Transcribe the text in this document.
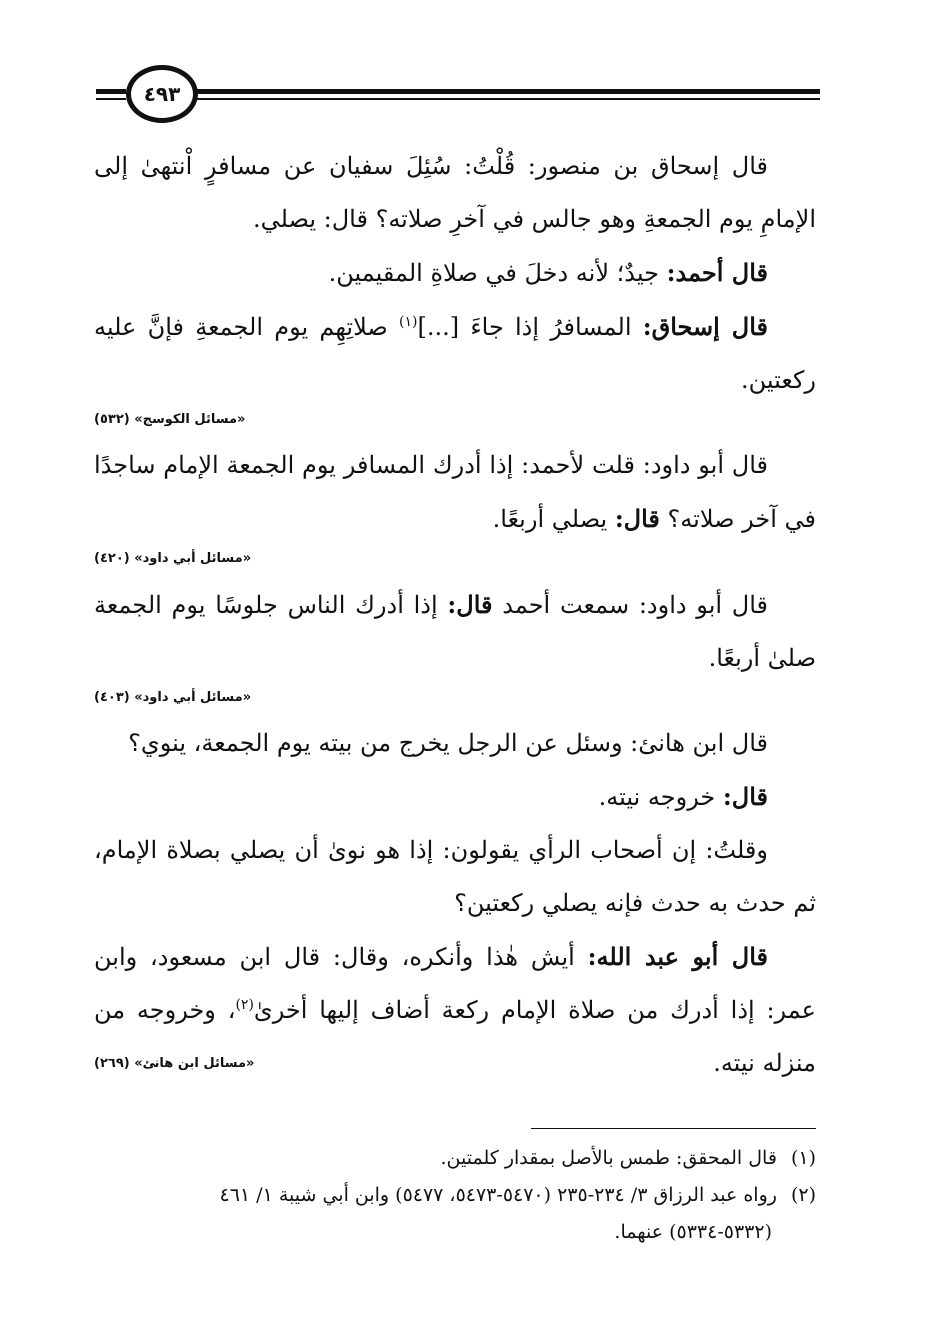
٤٩٣

قال إسحاق بن منصور: قُلْتُ: سُئِلَ سفيان عن مسافرٍ اْنتهىٰ إلى الإمامِ يوم الجمعةِ وهو جالس في آخرِ صلاته؟ قال: يصلي.

قال أحمد: جيدٌ؛ لأنه دخلَ في صلاةِ المقيمين.

قال إسحاق: المسافرُ إذا جاءَ [...]$^{(١)}$ صلاتِهِم يوم الجمعةِ فإنَّ عليه ركعتين.

«مسائل الكوسج» (٥٣٢)

قال أبو داود: قلت لأحمد: إذا أدرك المسافر يوم الجمعة الإمام ساجدًا في آخر صلاته؟ قال: يصلي أربعًا.

«مسائل أبي داود» (٤٢٠)

قال أبو داود: سمعت أحمد قال: إذا أدرك الناس جلوسًا يوم الجمعة صلىٰ أربعًا.

«مسائل أبي داود» (٤٠٣)

قال ابن هانئ: وسئل عن الرجل يخرج من بيته يوم الجمعة، ينوي؟

قال: خروجه نيته.

وقلتُ: إن أصحاب الرأي يقولون: إذا هو نوىٰ أن يصلي بصلاة الإمام، ثم حدث به حدث فإنه يصلي ركعتين؟

قال أبو عبد الله: أيش هٰذا وأنكره، وقال: قال ابن مسعود، وابن عمر: إذا أدرك من صلاة الإمام ركعة أضاف إليها أخرىٰ$^{(٢)}$، وخروجه من منزله نيته.
«مسائل ابن هانئ» (٢٦٩)

(١)قال المحقق: طمس بالأصل بمقدار كلمتين.

(٢)رواه عبد الرزاق ٣/ ٢٣٤-٢٣٥ (٥٤٧٠-٥٤٧٣، ٥٤٧٧) وابن أبي شيبة ١/ ٤٦١

(٥٣٣٢-٥٣٣٤) عنهما.
